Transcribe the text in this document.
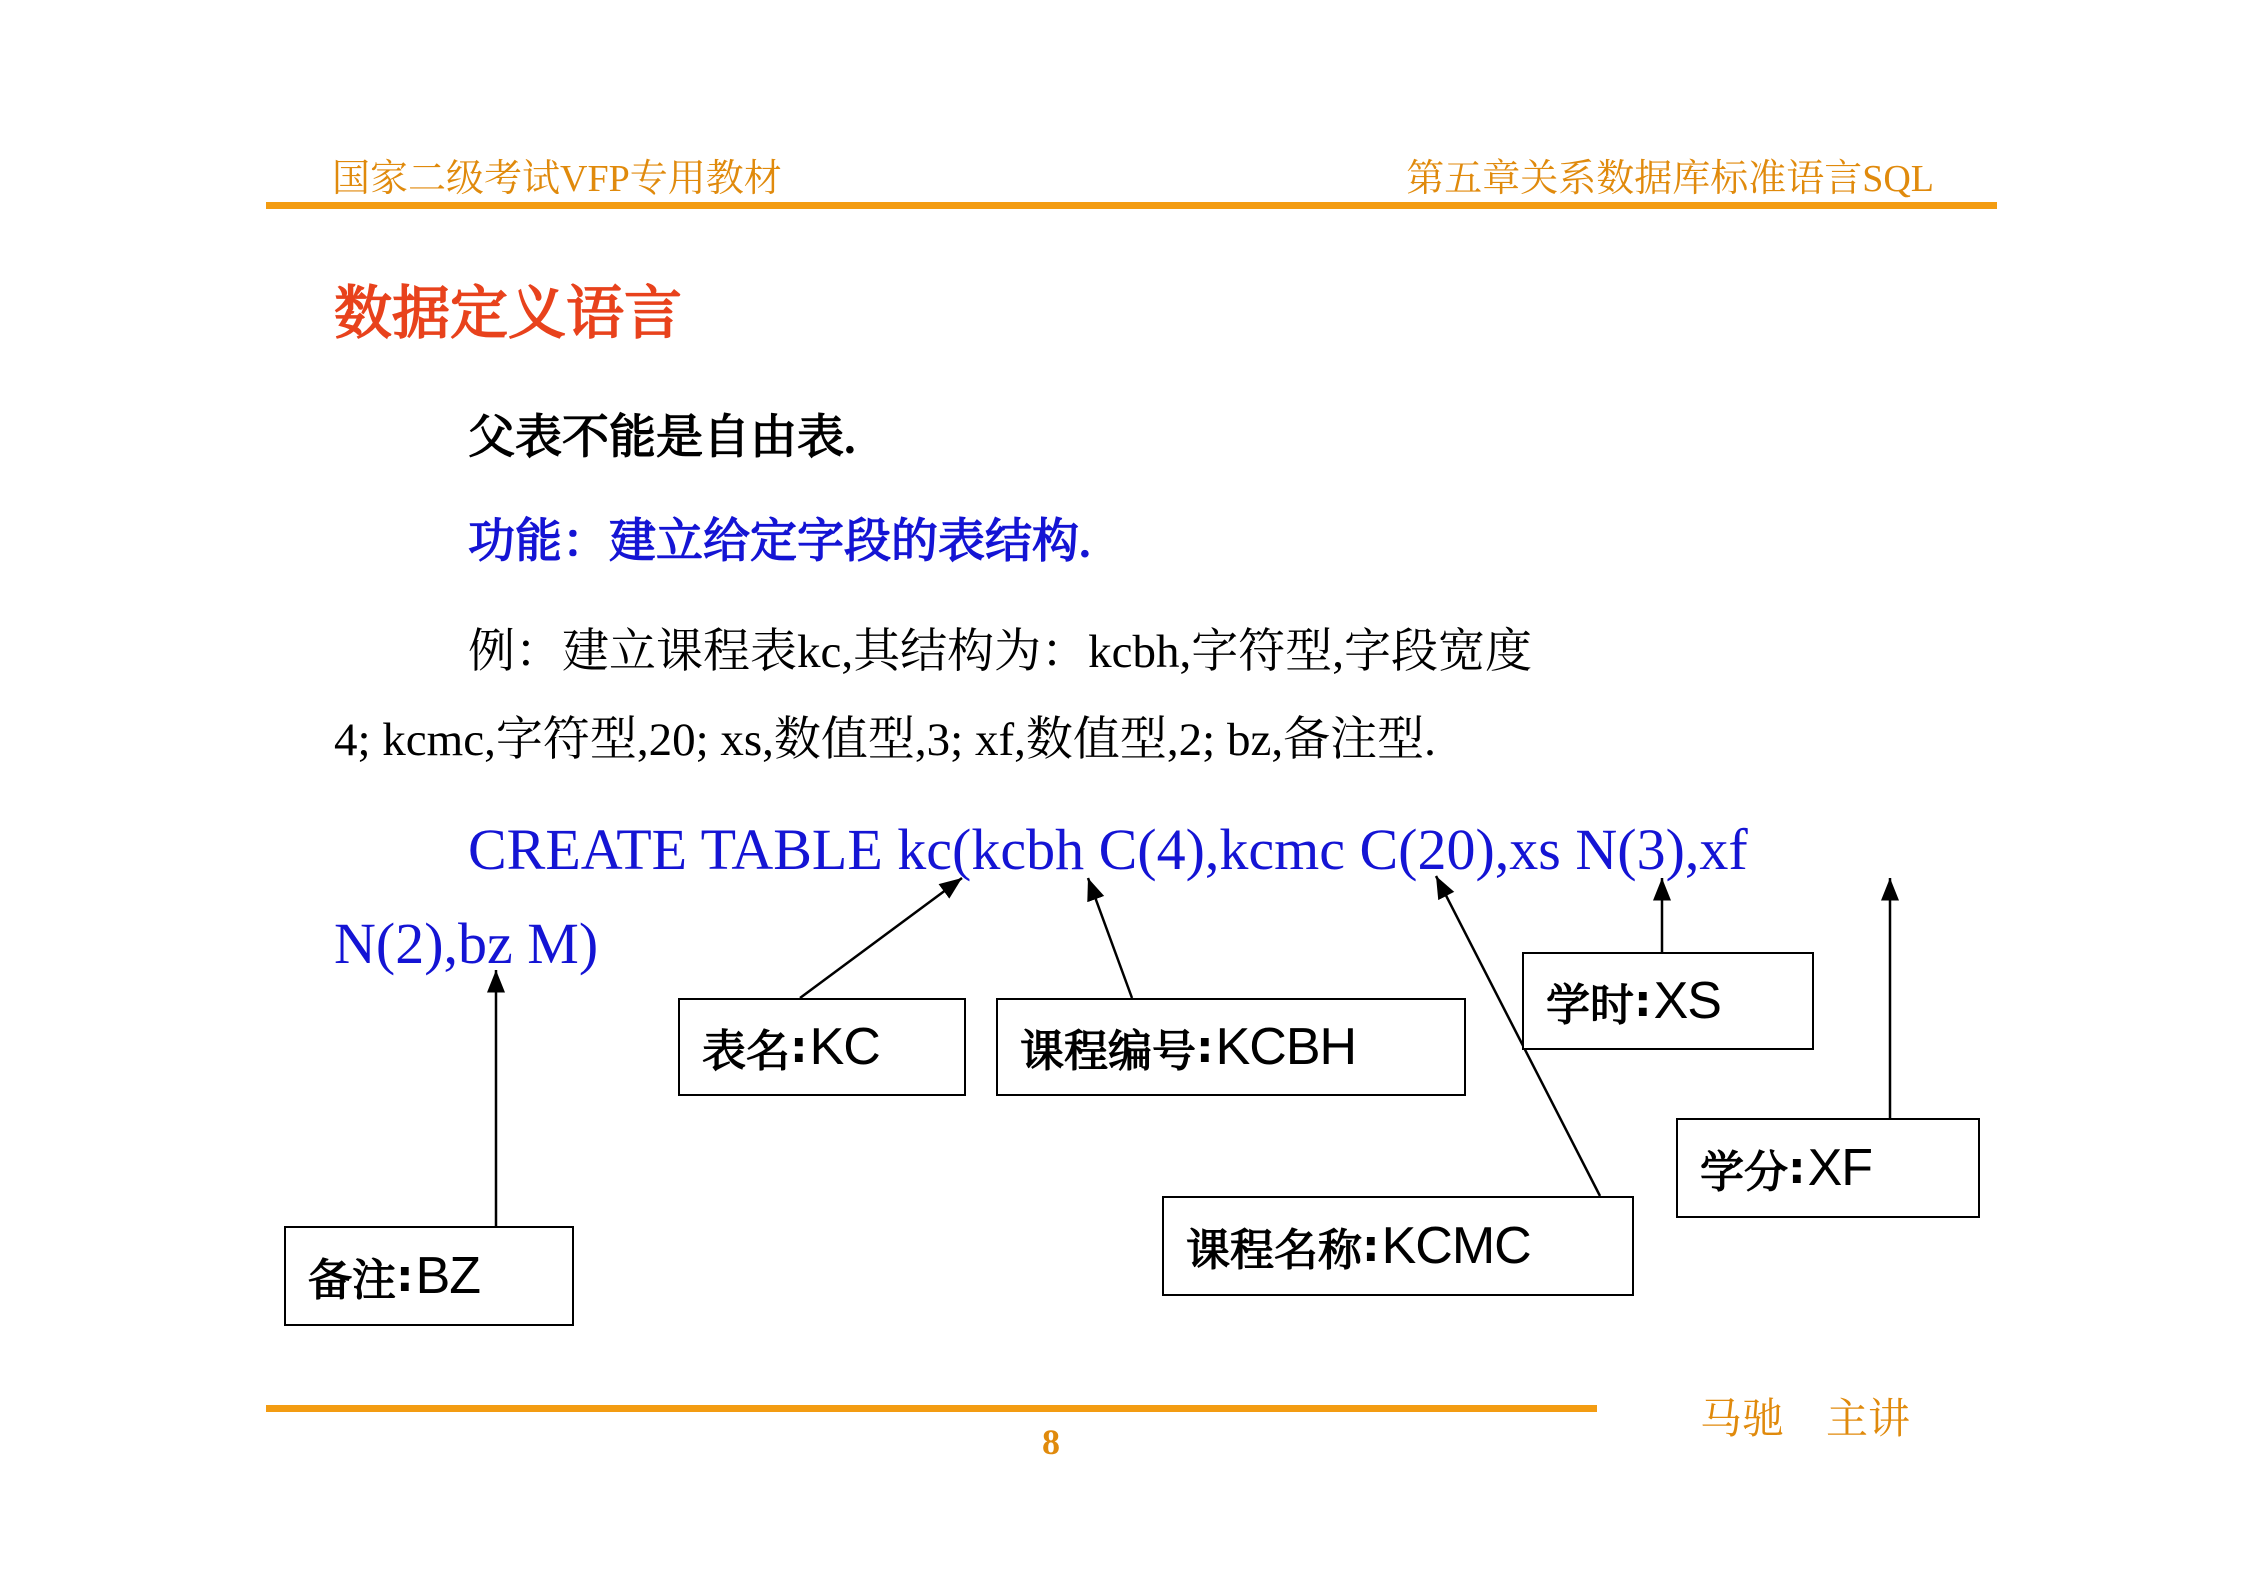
国家二级考试VFP专用教材	第五章关系数据库标准语言SQL
数据定义语言
父表不能是自由表.
功能：建立给定字段的表结构.
例：建立课程表kc,其结构为：kcbh,字符型,字段宽度
4; kcmc,字符型,20; xs,数值型,3; xf,数值型,2; bz,备注型.
CREATE TABLE kc(kcbh C(4),kcmc C(20),xs N(3),xf
N(2),bz M)
表名 : KC	课程编号 : KCBH
学时 : XS
学分 : XF
课程名称 : KCMC
备注 : BZ
8	马驰　主讲
